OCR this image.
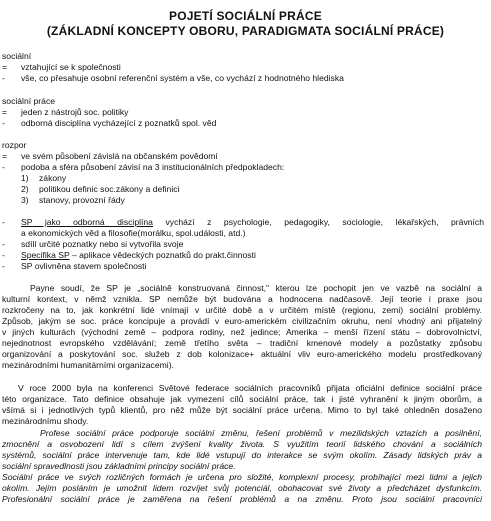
POJETÍ SOCIÁLNÍ PRÁCE
(ZÁKLADNÍ KONCEPTY OBORU, PARADIGMATA SOCIÁLNÍ PRÁCE)
sociální
= vztahující se k společnosti
- vše, co přesahuje osobní referenční systém a vše, co vychází z hodnotného hlediska
sociální práce
= jeden z nástrojů soc. politiky
- odborná disciplína vycházející z poznatků spol. věd
rozpor
= ve svém působení závislá na občanském povědomí
- podoba a sféra působení závisí na 3 institucionálních předpokladech:
1) zákony
2) politikou definic soc.zákony a definici
3) stanovy, provozní řády
- SP jako odborná disciplína vychází z psychologie, pedagogiky, sociologie, lékařských, právních
a ekonomických věd a filosofie(morálku, spol.události, atd.)
- sdílí určité poznatky nebo si vytvořila svoje
- Specifika SP – aplikace vědeckých poznatků do prakt.činnosti
- SP ovlivněna stavem společnosti
Payne soudí, že SP je „sociálně konstruovaná činnost," kterou lze pochopit jen ve vazbě na sociální a
kulturní kontext, v němž vznikla. SP nemůže být budována a hodnocena nadčasově. Její teorie i praxe jsou
rozkročeny na to, jak konkrétní lidé vnímají v určité době a v určitém místě (regionu, zemi) sociální problémy.
Způsob, jakým se soc. práce koncipuje a provádí v euro-americkém civilizačním okruhu, není vhodný ani přijatelný
v jiných kulturách (východní země – podpora rodiny, než jedince; Amerika – menší řízení státu – dobrovolnictví,
nejednotnost evropského vzdělávání; země třetího světa – tradiční kmenové modely a pozůstatky způsobu
organizování a poskytování soc. služeb z dob kolonizace+ aktuální vliv euro-amerického modelu prostředkovaný
mezinárodními humanitárními organizacemi).
V roce 2000 byla na konferenci Světové federace sociálních pracovníků přijata oficiální definice sociální práce
této organizace. Tato definice obsahuje jak vymezení cílů sociální práce, tak i jisté vyhranění k jiným oborům, a
všímá si i jednotlivých typů klientů, pro něž může být sociální práce určena. Mimo to byl také ohledněn dosaženo
mezinárodnímu shody.
Profese sociální práce podporuje sociální změnu, řešení problémů v mezilidských vztazích a posilnění,
zmocnění a osvobození lidí s cílem zvýšení kvality života. S využitím teorií lidského chování a sociálních
systémů, sociální práce intervenuje tam, kde lidé vstupují do interakce se svým okolím. Zásady lidských práv a
sociální spravedlnosti jsou základními principy sociální práce.
Sociální práce ve svých rozličných formách je určena pro složité, komplexní procesy, probíhající mezi lidmi a jejich
okolím. Jejím posláním je umožnit lidem rozvíjet svůj potenciál, obohacovat své životy a předcházet dysfunkcím.
Profesionální sociální práce je zaměřena na řešení problémů a na změnu. Proto jsou sociální pracovníci
